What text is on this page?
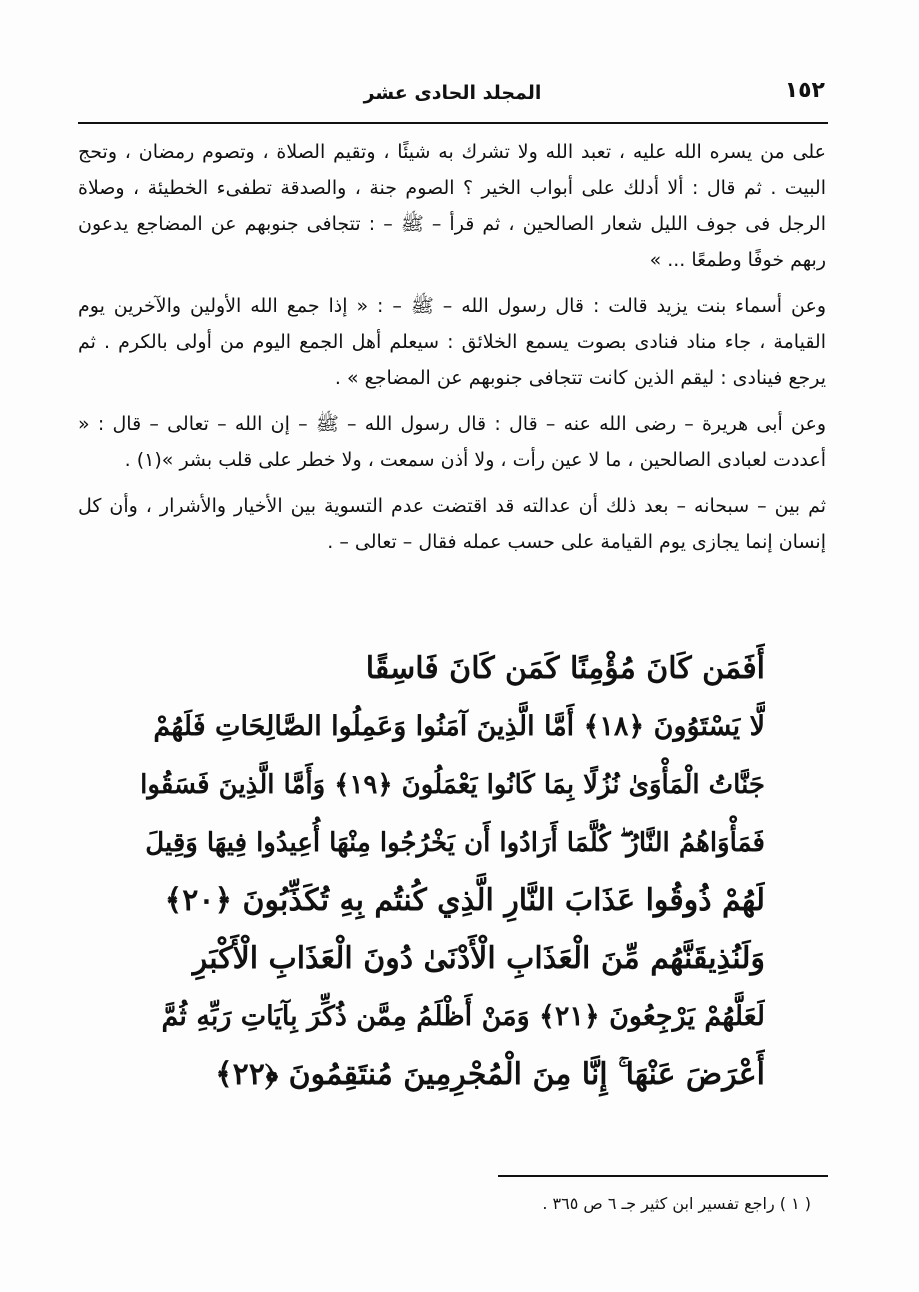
١٥٢
المجلد الحادى عشر

على من يسره الله عليه ، تعبد الله ولا تشرك به شيئًا ، وتقيم الصلاة ، وتصوم رمضان ، وتحج البيت . ثم قال : ألا أدلك على أبواب الخير ؟ الصوم جنة ، والصدقة تطفىء الخطيئة ، وصلاة الرجل فى جوف الليل شعار الصالحين ، ثم قرأ – ﷺ – : تتجافى جنوبهم عن المضاجع يدعون ربهم خوفًا وطمعًا ... »

وعن أسماء بنت يزيد قالت : قال رسول الله – ﷺ – : « إذا جمع الله الأولين والآخرين يوم القيامة ، جاء مناد فنادى بصوت يسمع الخلائق : سيعلم أهل الجمع اليوم من أولى بالكرم . ثم يرجع فينادى : ليقم الذين كانت تتجافى جنوبهم عن المضاجع » .

وعن أبى هريرة – رضى الله عنه – قال : قال رسول الله – ﷺ – إن الله – تعالى – قال : « أعددت لعبادى الصالحين ، ما لا عين رأت ، ولا أذن سمعت ، ولا خطر على قلب بشر »(١) .

ثم بين – سبحانه – بعد ذلك أن عدالته قد اقتضت عدم التسوية بين الأخيار والأشرار ، وأن كل إنسان إنما يجازى يوم القيامة على حسب عمله فقال – تعالى – .

أَفَمَن كَانَ مُؤْمِنًا كَمَن كَانَ فَاسِقًا
لَّا يَسْتَوُونَ ﴿١٨﴾ أَمَّا الَّذِينَ آمَنُوا وَعَمِلُوا الصَّالِحَاتِ فَلَهُمْ
جَنَّاتُ الْمَأْوَىٰ نُزُلًا بِمَا كَانُوا يَعْمَلُونَ ﴿١٩﴾ وَأَمَّا الَّذِينَ فَسَقُوا
فَمَأْوَاهُمُ النَّارُ ۖ كُلَّمَا أَرَادُوا أَن يَخْرُجُوا مِنْهَا أُعِيدُوا فِيهَا وَقِيلَ
لَهُمْ ذُوقُوا عَذَابَ النَّارِ الَّذِي كُنتُم بِهِ تُكَذِّبُونَ ﴿٢٠﴾
وَلَنُذِيقَنَّهُم مِّنَ الْعَذَابِ الْأَدْنَىٰ دُونَ الْعَذَابِ الْأَكْبَرِ
لَعَلَّهُمْ يَرْجِعُونَ ﴿٢١﴾ وَمَنْ أَظْلَمُ مِمَّن ذُكِّرَ بِآيَاتِ رَبِّهِ ثُمَّ
أَعْرَضَ عَنْهَا ۚ إِنَّا مِنَ الْمُجْرِمِينَ مُنتَقِمُونَ ﴿٢٢﴾
( ١ ) راجع تفسير ابن كثير جـ ٦ ص ٣٦٥ .
